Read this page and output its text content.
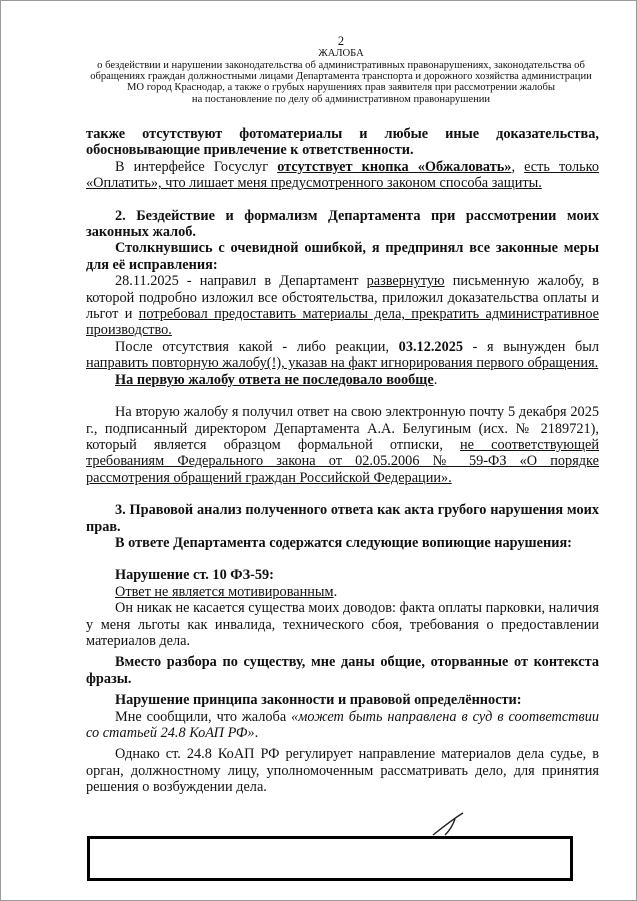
2
ЖАЛОБА
о бездействии и нарушении законодательства об административных правонарушениях, законодательства об
обращениях граждан должностными лицами Департамента транспорта и дорожного хозяйства администрации
МО город Краснодар, а также о грубых нарушениях прав заявителя при рассмотрении жалобы
на постановление по делу об административном правонарушении

также отсутствуют фотоматериалы и любые иные доказательства, обосновывающие привлечение к ответственности.

В интерфейсе Госуслуг отсутствует кнопка «Обжаловать», есть только «Оплатить», что лишает меня предусмотренного законом способа защиты.

2. Бездействие и формализм Департамента при рассмотрении моих законных жалоб.

Столкнувшись с очевидной ошибкой, я предпринял все законные меры для её исправления:

28.11.2025 - направил в Департамент развернутую письменную жалобу, в которой подробно изложил все обстоятельства, приложил доказательства оплаты и льгот и потребовал предоставить материалы дела, прекратить административное производство.

После отсутствия какой - либо реакции, 03.12.2025 - я вынужден был направить повторную жалобу(!), указав на факт игнорирования первого обращения.

На первую жалобу ответа не последовало вообще.

На вторую жалобу я получил ответ на свою электронную почту 5 декабря 2025 г., подписанный директором Департамента А.А. Белугиным (исх. № 2189721), который является образцом формальной отписки, не соответствующей требованиям Федерального закона от 02.05.2006 № 59-ФЗ «О порядке рассмотрения обращений граждан Российской Федерации».

3. Правовой анализ полученного ответа как акта грубого нарушения моих прав.

В ответе Департамента содержатся следующие вопиющие нарушения:

Нарушение ст. 10 ФЗ-59:

Ответ не является мотивированным.

Он никак не касается существа моих доводов: факта оплаты парковки, наличия у меня льготы как инвалида, технического сбоя, требования о предоставлении материалов дела.

Вместо разбора по существу, мне даны общие, оторванные от контекста фразы.

Нарушение принципа законности и правовой определённости:

Мне сообщили, что жалоба «может быть направлена в суд в соответствии со статьей 24.8 КоАП РФ».

Однако ст. 24.8 КоАП РФ регулирует направление материалов дела судье, в орган, должностному лицу, уполномоченным рассматривать дело, для принятия решения о возбуждении дела.
